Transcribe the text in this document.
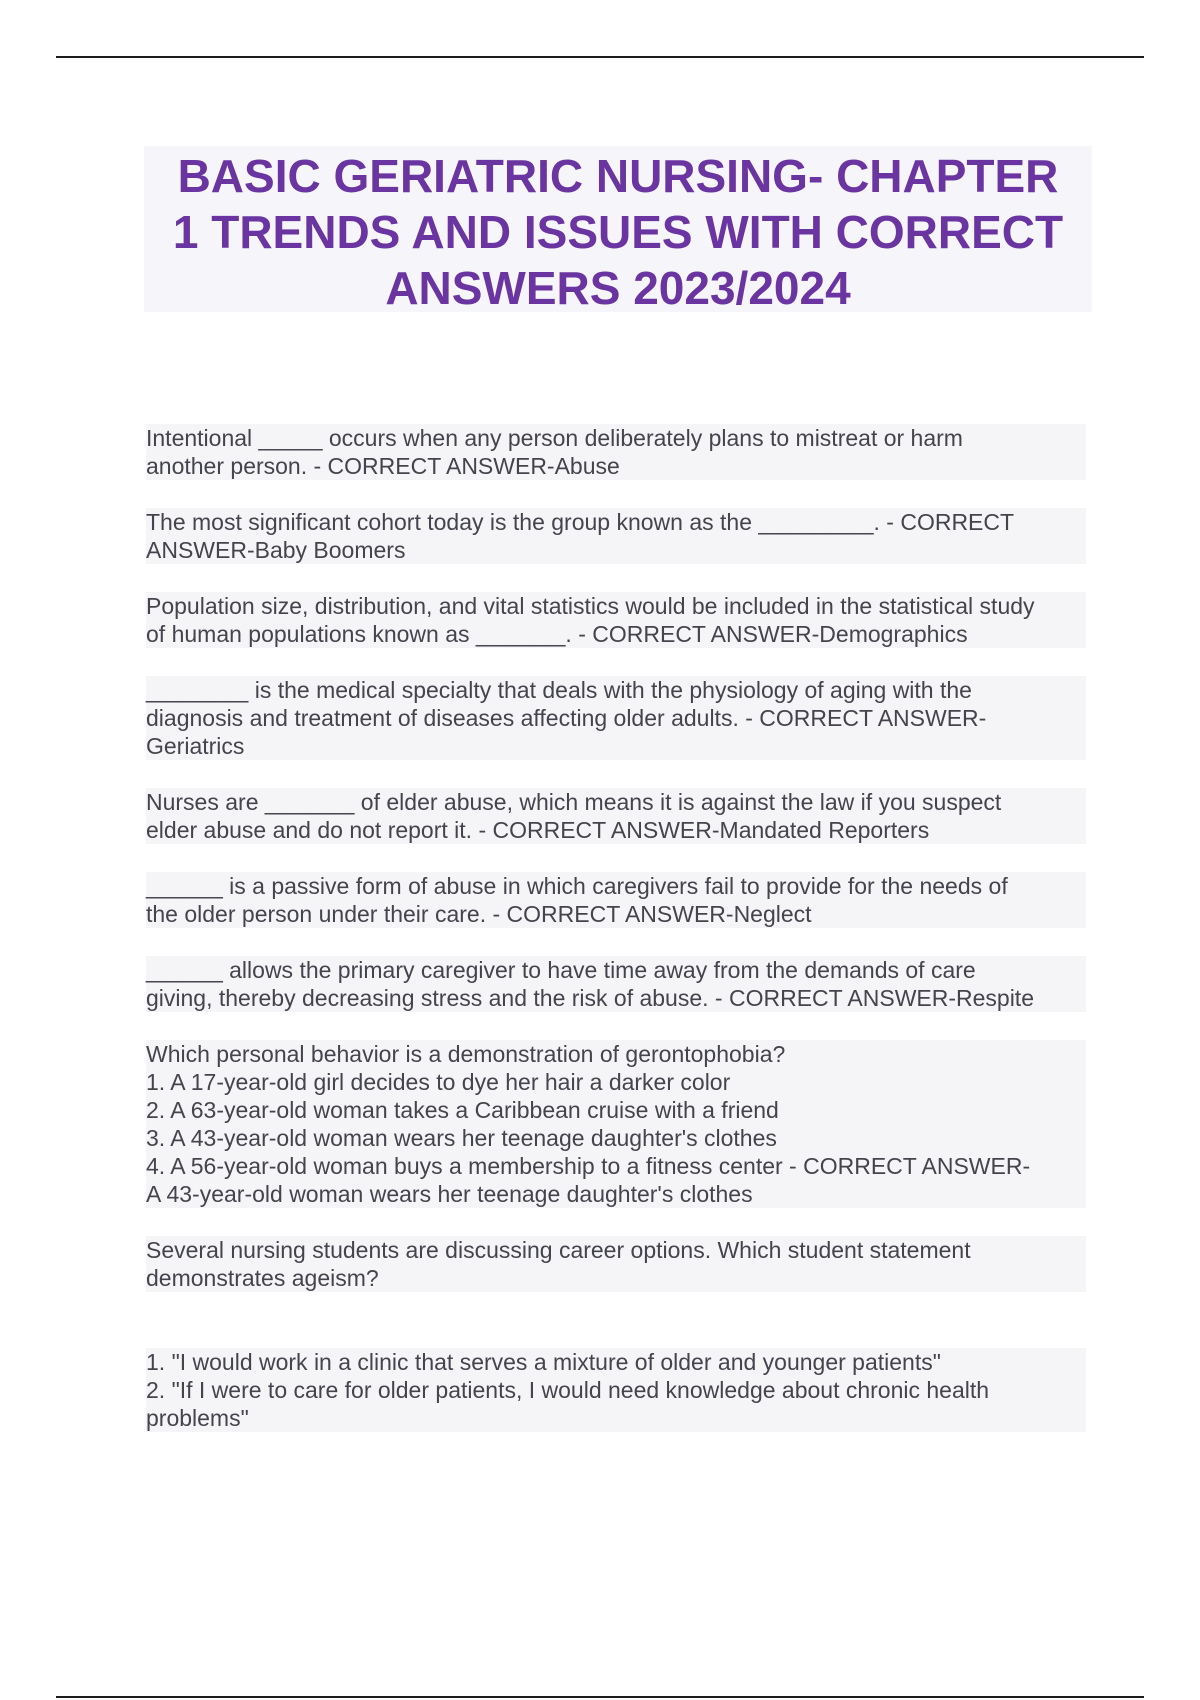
BASIC GERIATRIC NURSING- CHAPTER
1 TRENDS AND ISSUES WITH CORRECT
ANSWERS 2023/2024

Intentional _____ occurs when any person deliberately plans to mistreat or harm
another person. - CORRECT ANSWER-Abuse

The most significant cohort today is the group known as the _________. - CORRECT
ANSWER-Baby Boomers

Population size, distribution, and vital statistics would be included in the statistical study
of human populations known as _______. - CORRECT ANSWER-Demographics

________ is the medical specialty that deals with the physiology of aging with the
diagnosis and treatment of diseases affecting older adults. - CORRECT ANSWER-
Geriatrics

Nurses are _______ of elder abuse, which means it is against the law if you suspect
elder abuse and do not report it. - CORRECT ANSWER-Mandated Reporters

______ is a passive form of abuse in which caregivers fail to provide for the needs of
the older person under their care. - CORRECT ANSWER-Neglect

______ allows the primary caregiver to have time away from the demands of care
giving, thereby decreasing stress and the risk of abuse. - CORRECT ANSWER-Respite

Which personal behavior is a demonstration of gerontophobia?
1. A 17-year-old girl decides to dye her hair a darker color
2. A 63-year-old woman takes a Caribbean cruise with a friend
3. A 43-year-old woman wears her teenage daughter's clothes
4. A 56-year-old woman buys a membership to a fitness center - CORRECT ANSWER-
A 43-year-old woman wears her teenage daughter's clothes

Several nursing students are discussing career options. Which student statement
demonstrates ageism?

1. "I would work in a clinic that serves a mixture of older and younger patients"
2. "If I were to care for older patients, I would need knowledge about chronic health
problems"
